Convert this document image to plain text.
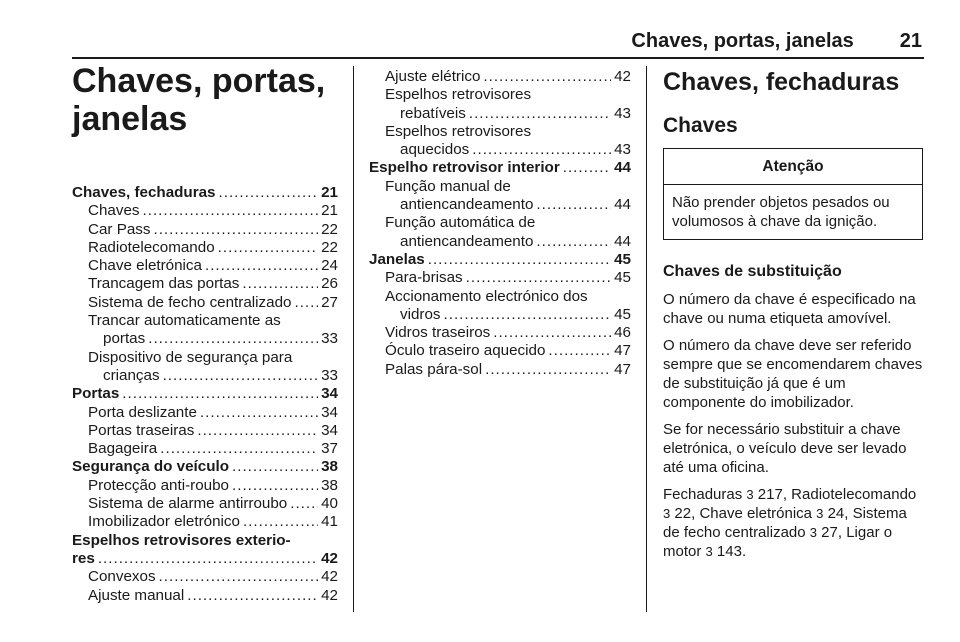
Chaves, portas, janelas 21
Chaves, portas,
janelas
Chaves, fechaduras .....	21
Chaves .....	21
Car Pass .....	22
Radiotelecomando .....	22
Chave eletrónica .....	24
Trancagem das portas .....	26
Sistema de fecho centralizado ..... 27
Trancar automaticamente as
portas .....	33
Dispositivo de segurança para
crianças .....	33
Portas .....	34
Porta deslizante .....	34
Portas traseiras .....	34
Bagageira .....	37
Segurança do veículo .....	38
Protecção anti-roubo .....	38
Sistema de alarme antirroubo ..... 40
Imobilizador eletrónico .....	41
Espelhos retrovisores exterio-
res .....	42
Convexos .....	42
Ajuste manual .....	42
Ajuste elétrico .....	42
Espelhos retrovisores
rebatíveis .....	43
Espelhos retrovisores
aquecidos .....	43
Espelho retrovisor interior .....	44
Função manual de
antiencandeamento .....	44
Função automática de
antiencandeamento .....	44
Janelas .....	45
Para-brisas .....	45
Accionamento electrónico dos
vidros .....	45
Vidros traseiros .....	46
Óculo traseiro aquecido .....	47
Palas pára-sol .....	47
Chaves, fechaduras
Chaves
Atenção
Não prender objetos pesados ou volumosos à chave da ignição.
Chaves de substituição

O número da chave é especificado na chave ou numa etiqueta amovível.

O número da chave deve ser referido sempre que se encomendarem chaves de substituição já que é um componente do imobilizador.

Se for necessário substituir a chave eletrónica, o veículo deve ser levado até uma oficina.

Fechaduras 3 217, Radiotelecomando 3 22, Chave eletrónica 3 24, Sistema de fecho centralizado 3 27, Ligar o motor 3 143.
